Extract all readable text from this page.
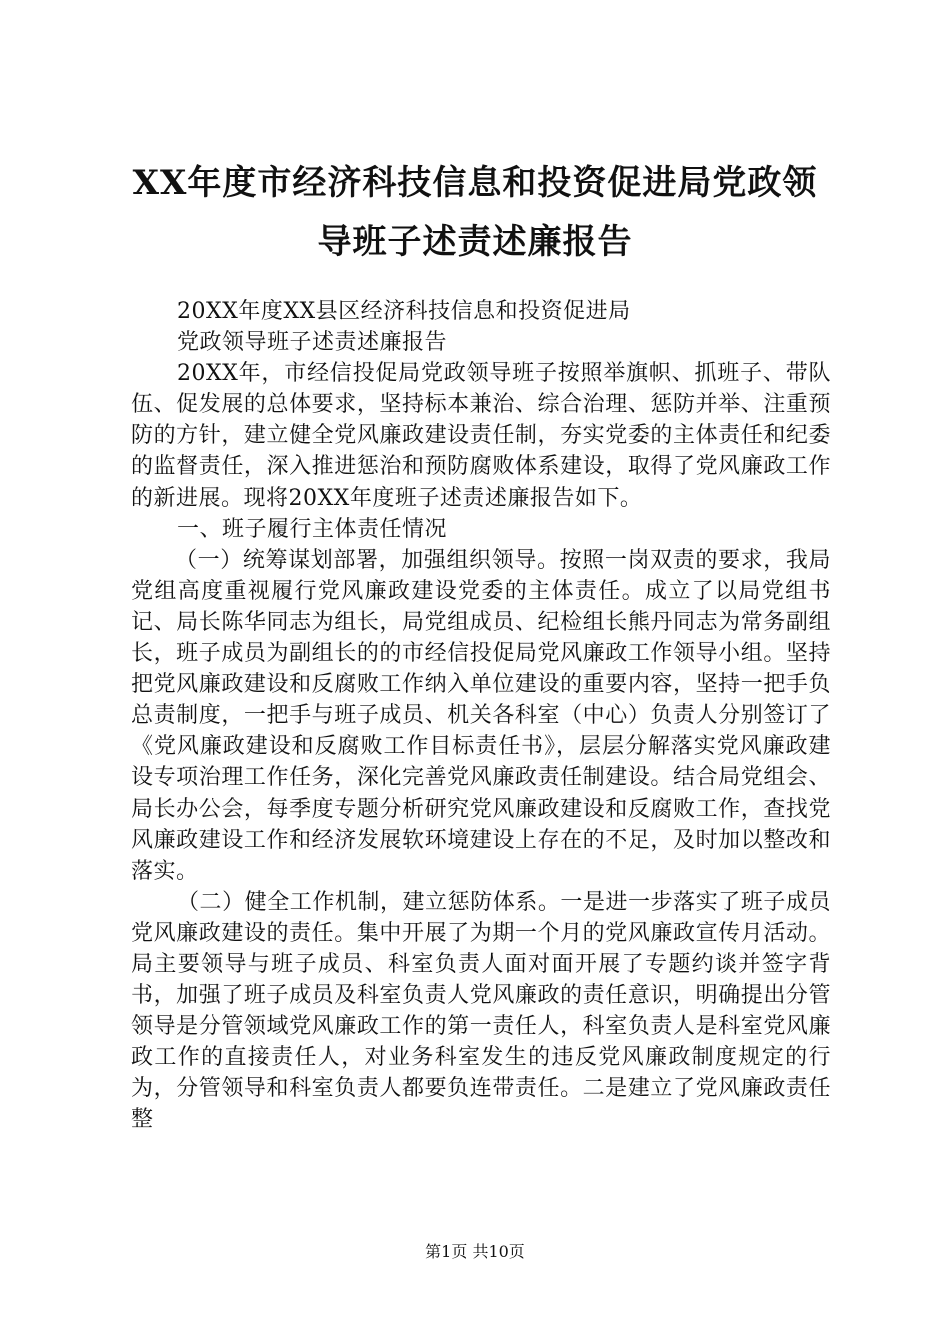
XX年度市经济科技信息和投资促进局党政领
导班子述责述廉报告

20XX年度XX县区经济科技信息和投资促进局

党政领导班子述责述廉报告

20XX年，市经信投促局党政领导班子按照举旗帜、抓班子、带队伍、促发展的总体要求，坚持标本兼治、综合治理、惩防并举、注重预防的方针，建立健全党风廉政建设责任制，夯实党委的主体责任和纪委的监督责任，深入推进惩治和预防腐败体系建设，取得了党风廉政工作的新进展。现将20XX年度班子述责述廉报告如下。

一、班子履行主体责任情况

（一）统筹谋划部署，加强组织领导。按照一岗双责的要求，我局党组高度重视履行党风廉政建设党委的主体责任。成立了以局党组书记、局长陈华同志为组长，局党组成员、纪检组长熊丹同志为常务副组长，班子成员为副组长的的市经信投促局党风廉政工作领导小组。坚持把党风廉政建设和反腐败工作纳入单位建设的重要内容，坚持一把手负总责制度，一把手与班子成员、机关各科室（中心）负责人分别签订了《党风廉政建设和反腐败工作目标责任书》，层层分解落实党风廉政建设专项治理工作任务，深化完善党风廉政责任制建设。结合局党组会、局长办公会，每季度专题分析研究党风廉政建设和反腐败工作，查找党风廉政建设工作和经济发展软环境建设上存在的不足，及时加以整改和落实。

（二）健全工作机制，建立惩防体系。一是进一步落实了班子成员党风廉政建设的责任。集中开展了为期一个月的党风廉政宣传月活动。局主要领导与班子成员、科室负责人面对面开展了专题约谈并签字背书，加强了班子成员及科室负责人党风廉政的责任意识，明确提出分管领导是分管领域党风廉政工作的第一责任人，科室负责人是科室党风廉政工作的直接责任人，对业务科室发生的违反党风廉政制度规定的行为，分管领导和科室负责人都要负连带责任。二是建立了党风廉政责任整

第1页 共10页
